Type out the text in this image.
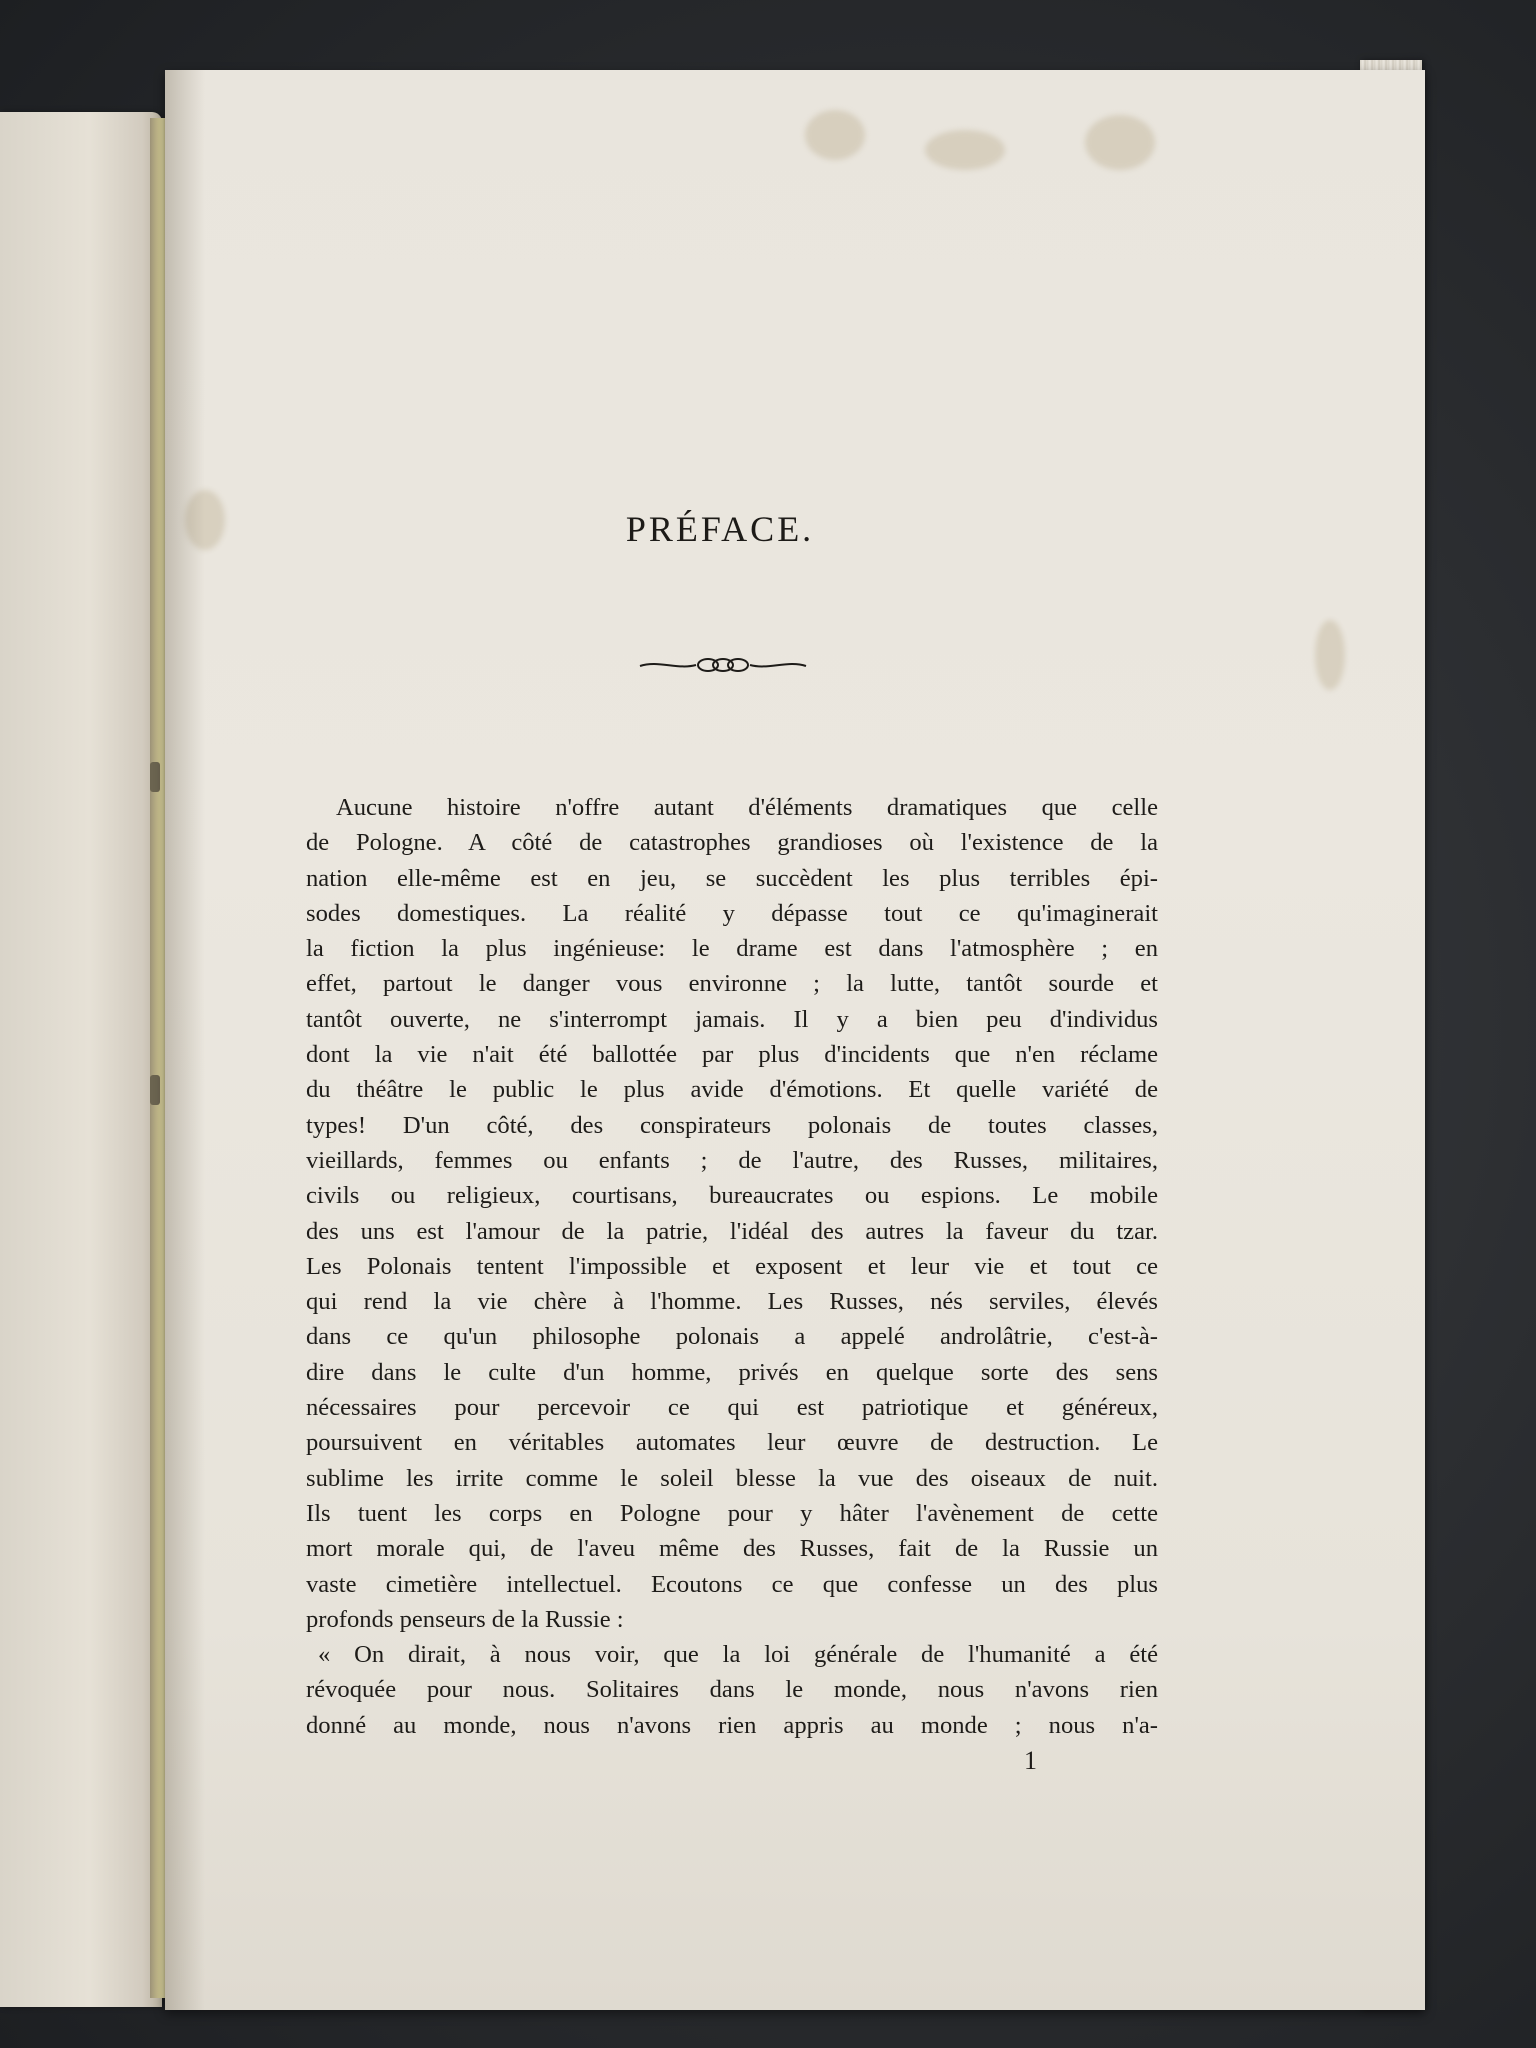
PRÉFACE.
Aucune histoire n'offre autant d'éléments dramatiques que celle
de Pologne. A côté de catastrophes grandioses où l'existence de la
nation elle-même est en jeu, se succèdent les plus terribles épi-
sodes domestiques. La réalité y dépasse tout ce qu'imaginerait
la fiction la plus ingénieuse: le drame est dans l'atmosphère ; en
effet, partout le danger vous environne ; la lutte, tantôt sourde et
tantôt ouverte, ne s'interrompt jamais. Il y a bien peu d'individus
dont la vie n'ait été ballottée par plus d'incidents que n'en réclame
du théâtre le public le plus avide d'émotions. Et quelle variété de
types! D'un côté, des conspirateurs polonais de toutes classes,
vieillards, femmes ou enfants ; de l'autre, des Russes, militaires,
civils ou religieux, courtisans, bureaucrates ou espions. Le mobile
des uns est l'amour de la patrie, l'idéal des autres la faveur du tzar.
Les Polonais tentent l'impossible et exposent et leur vie et tout ce
qui rend la vie chère à l'homme. Les Russes, nés serviles, élevés
dans ce qu'un philosophe polonais a appelé androlâtrie, c'est-à-
dire dans le culte d'un homme, privés en quelque sorte des sens
nécessaires pour percevoir ce qui est patriotique et généreux,
poursuivent en véritables automates leur œuvre de destruction. Le
sublime les irrite comme le soleil blesse la vue des oiseaux de nuit.
Ils tuent les corps en Pologne pour y hâter l'avènement de cette
mort morale qui, de l'aveu même des Russes, fait de la Russie un
vaste cimetière intellectuel. Ecoutons ce que confesse un des plus
profonds penseurs de la Russie :
« On dirait, à nous voir, que la loi générale de l'humanité a été
révoquée pour nous. Solitaires dans le monde, nous n'avons rien
donné au monde, nous n'avons rien appris au monde ; nous n'a-
1
